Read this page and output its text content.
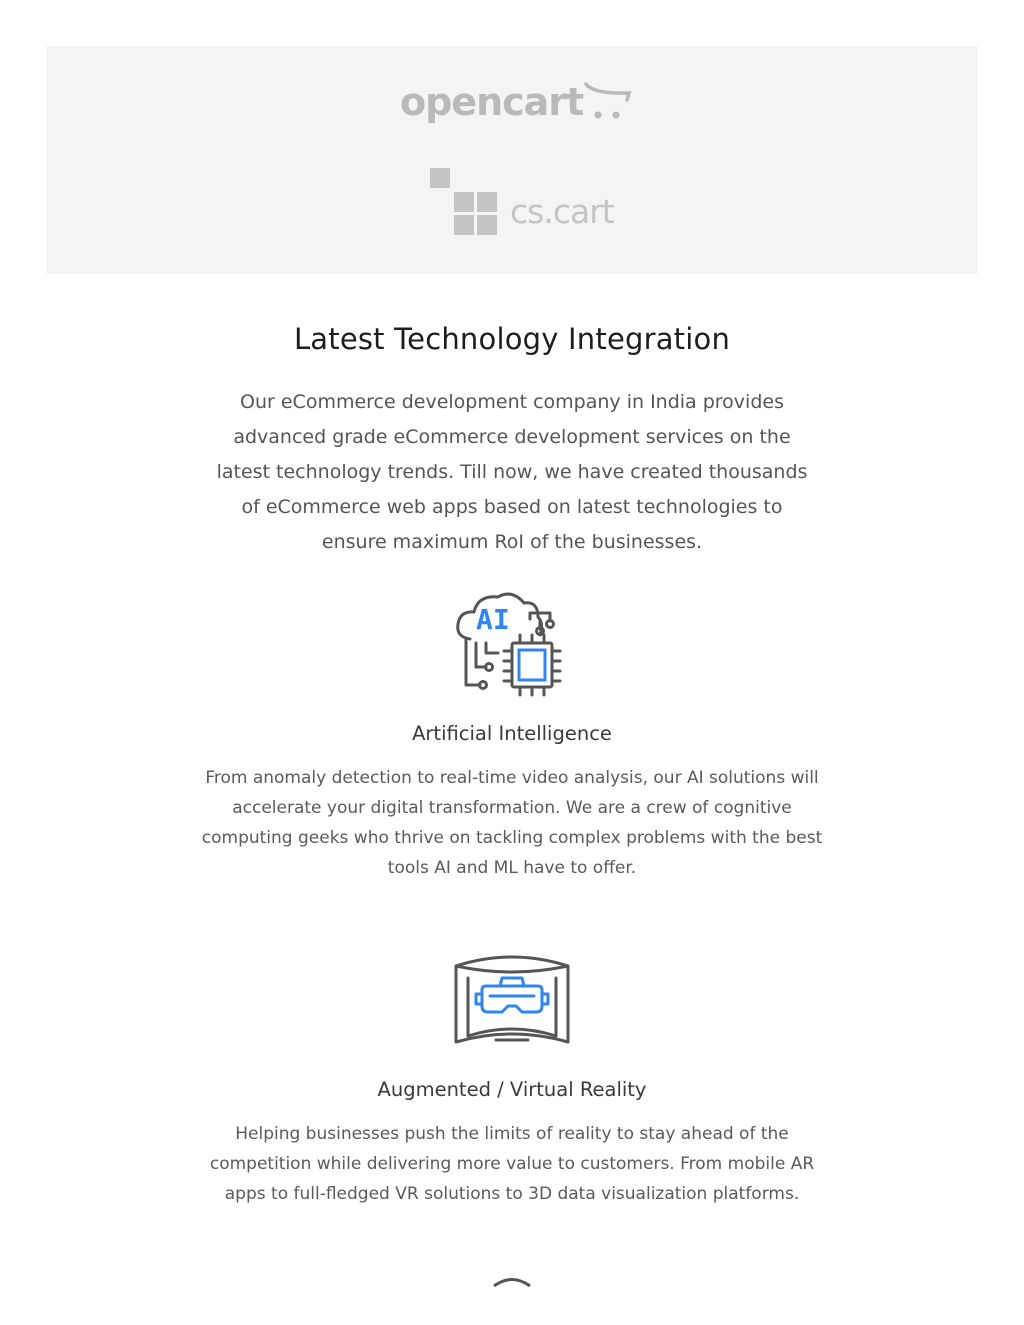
opencart
cs.cart
Latest Technology Integration
Our eCommerce development company in India provides advanced grade eCommerce development services on the latest technology trends. Till now, we have created thousands of eCommerce web apps based on latest technologies to ensure maximum RoI of the businesses.
AI
Artificial Intelligence
From anomaly detection to real-time video analysis, our AI solutions will accelerate your digital transformation. We are a crew of cognitive computing geeks who thrive on tackling complex problems with the best tools AI and ML have to offer.
Augmented / Virtual Reality
Helping businesses push the limits of reality to stay ahead of the competition while delivering more value to customers. From mobile AR apps to full-fledged VR solutions to 3D data visualization platforms.
